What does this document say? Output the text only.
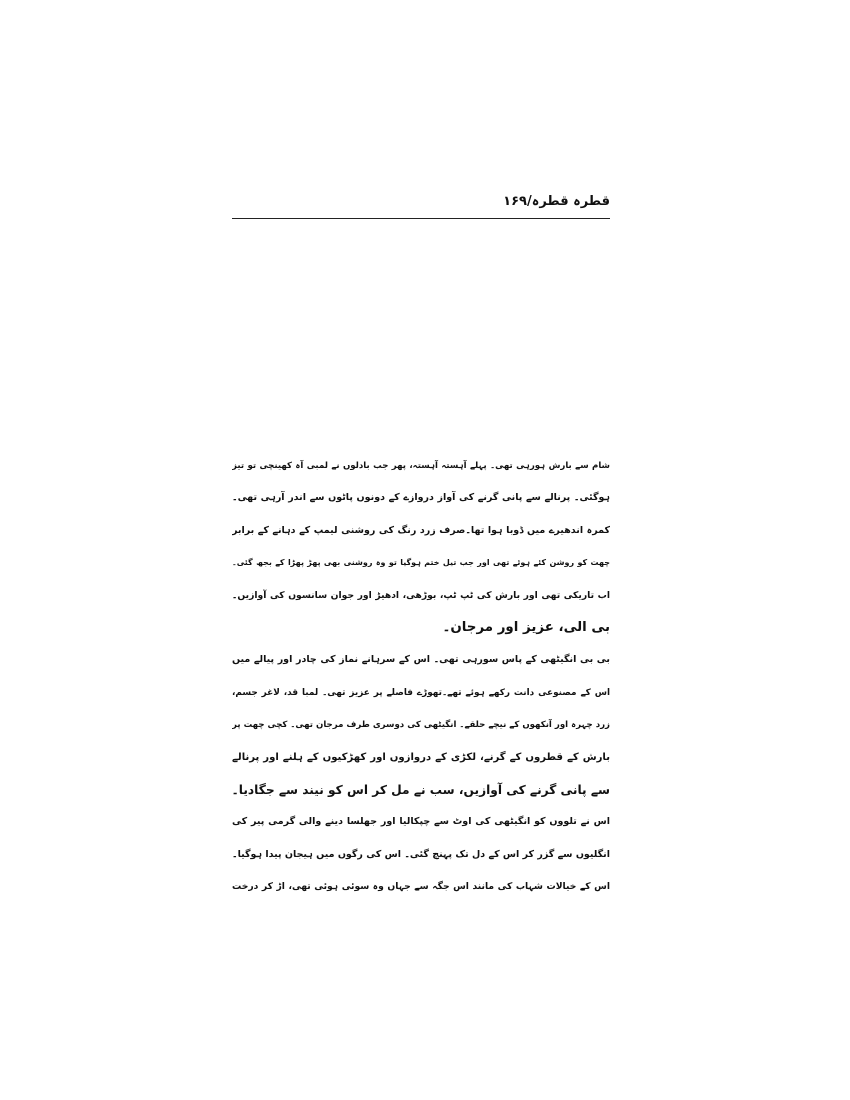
قطرہ قطرہ/۱۶۹
شام سے بارش ہورہی تھی۔ پہلے آہستہ آہستہ، پھر جب بادلوں نے لمبی آہ کھینچی تو تیز
ہوگئی۔ پرنالے سے پانی گرنے کی آواز دروازے کے دونوں پاٹوں سے اندر آرہی تھی۔
کمرہ اندھیرے میں ڈوبا ہوا تھا۔صرف زرد رنگ کی روشنی لیمپ کے دہانے کے برابر
چھت کو روشن کئے ہوئے تھی اور جب تیل ختم ہوگیا تو وہ روشنی بھی پھڑ پھڑا کے بجھ گئی۔
اب تاریکی تھی اور بارش کی ٹپ ٹپ، بوڑھی، ادھیڑ اور جوان سانسوں کی آوازیں۔
بی الی، عزیز اور مرجان۔
بی بی انگیٹھی کے پاس سورہی تھی۔ اس کے سرہانے نماز کی چادر اور پیالے میں
اس کے مصنوعی دانت رکھے ہوئے تھے۔تھوڑے فاصلے پر عزیز تھی۔ لمبا قد، لاغر جسم،
زرد چہرہ اور آنکھوں کے نیچے حلقے۔ انگیٹھی کی دوسری طرف مرجان تھی۔ کچی چھت پر
بارش کے قطروں کے گرنے، لکڑی کے دروازوں اور کھڑکیوں کے ہلنے اور پرنالے
سے پانی گرنے کی آوازیں، سب نے مل کر اس کو نیند سے جگادیا۔
اس نے تلووں کو انگیٹھی کی اوٹ سے چپکالیا اور جھلسا دینے والی گرمی پیر کی
انگلیوں سے گزر کر اس کے دل تک پہنچ گئی۔ اس کی رگوں میں ہیجان پیدا ہوگیا۔
اس کے خیالات شہاب کی مانند اس جگہ سے جہاں وہ سوئی ہوئی تھی، اڑ کر درخت
